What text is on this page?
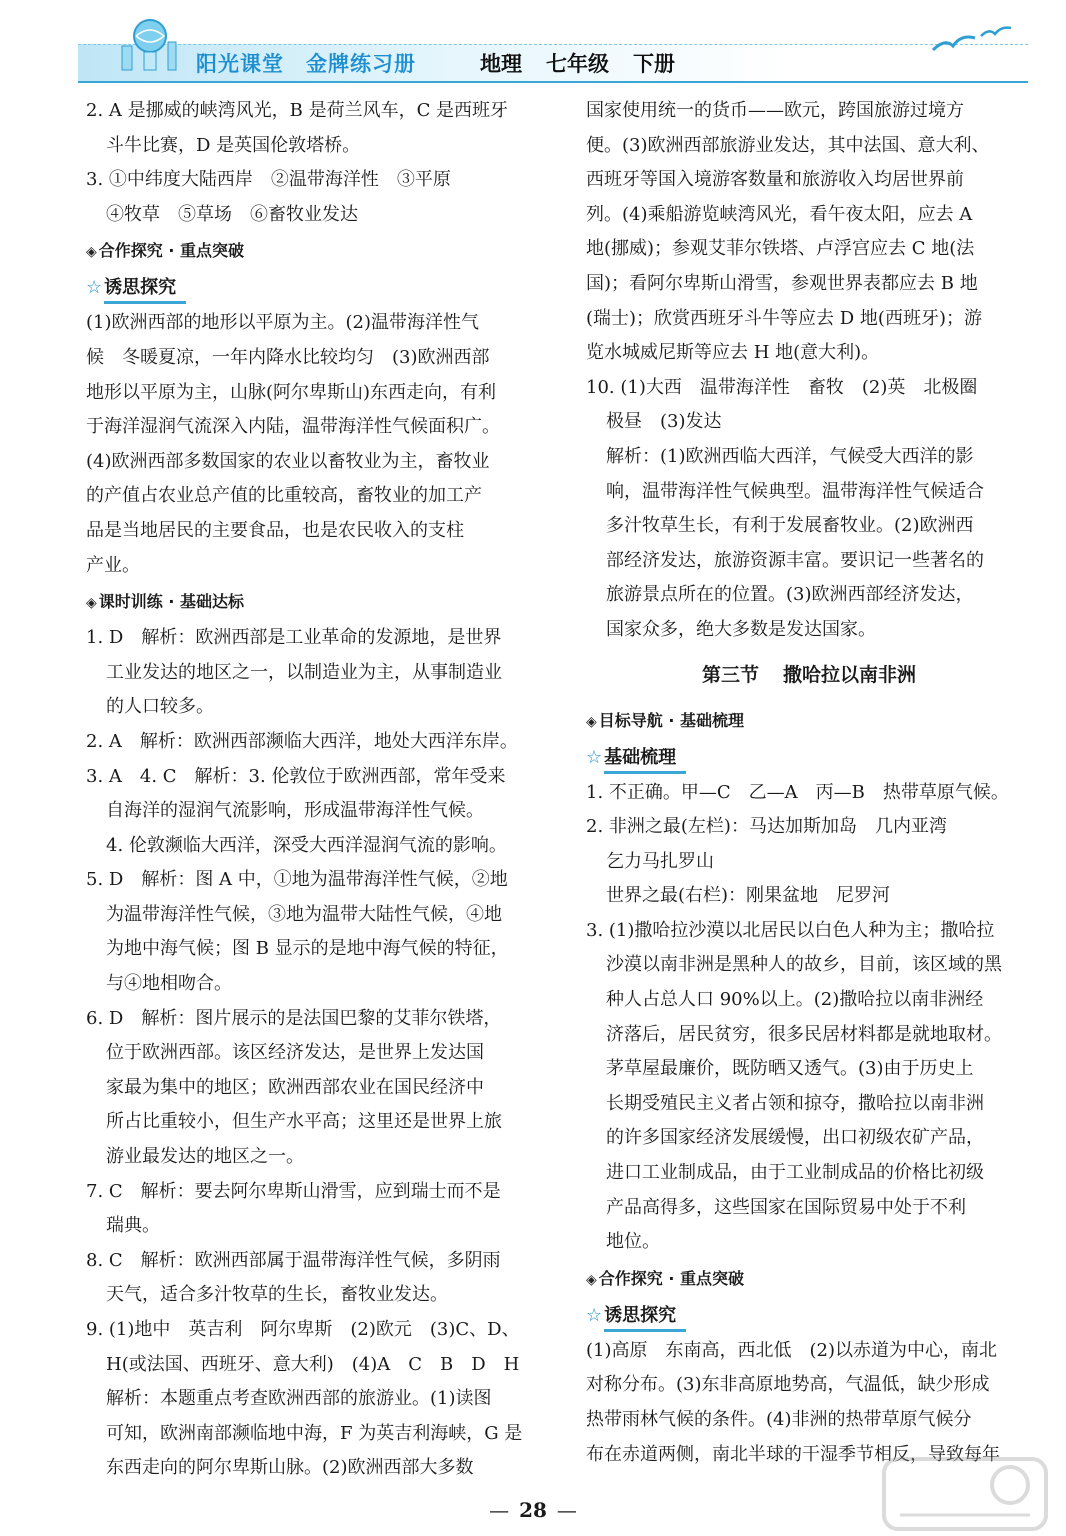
阳光课堂 金牌练习册	地理 七年级 下册

2. A 是挪威的峡湾风光，B 是荷兰风车，C 是西班牙

斗牛比赛，D 是英国伦敦塔桥。

3. ①中纬度大陆西岸　②温带海洋性　③平原

④牧草　⑤草场　⑥畜牧业发达

◈ 合作探究 · 重点突破
☆ 诱思探究

(1)欧洲西部的地形以平原为主。(2)温带海洋性气

候　冬暖夏凉，一年内降水比较均匀　(3)欧洲西部

地形以平原为主，山脉(阿尔卑斯山)东西走向，有利

于海洋湿润气流深入内陆，温带海洋性气候面积广。

(4)欧洲西部多数国家的农业以畜牧业为主，畜牧业

的产值占农业总产值的比重较高，畜牧业的加工产

品是当地居民的主要食品，也是农民收入的支柱

产业。

◈ 课时训练 · 基础达标

1. D　解析：欧洲西部是工业革命的发源地，是世界

工业发达的地区之一，以制造业为主，从事制造业

的人口较多。

2. A　解析：欧洲西部濒临大西洋，地处大西洋东岸。

3. A　4. C　解析：3. 伦敦位于欧洲西部，常年受来

自海洋的湿润气流影响，形成温带海洋性气候。

4. 伦敦濒临大西洋，深受大西洋湿润气流的影响。

5. D　解析：图 A 中，①地为温带海洋性气候，②地

为温带海洋性气候，③地为温带大陆性气候，④地

为地中海气候；图 B 显示的是地中海气候的特征，

与④地相吻合。

6. D　解析：图片展示的是法国巴黎的艾菲尔铁塔，

位于欧洲西部。该区经济发达，是世界上发达国

家最为集中的地区；欧洲西部农业在国民经济中

所占比重较小，但生产水平高；这里还是世界上旅

游业最发达的地区之一。

7. C　解析：要去阿尔卑斯山滑雪，应到瑞士而不是

瑞典。

8. C　解析：欧洲西部属于温带海洋性气候，多阴雨

天气，适合多汁牧草的生长，畜牧业发达。

9. (1)地中　英吉利　阿尔卑斯　(2)欧元　(3)C、D、

H(或法国、西班牙、意大利)　(4)A　C　B　D　H

解析：本题重点考查欧洲西部的旅游业。(1)读图

可知，欧洲南部濒临地中海，F 为英吉利海峡，G 是

东西走向的阿尔卑斯山脉。(2)欧洲西部大多数

国家使用统一的货币——欧元，跨国旅游过境方

便。(3)欧洲西部旅游业发达，其中法国、意大利、

西班牙等国入境游客数量和旅游收入均居世界前

列。(4)乘船游览峡湾风光，看午夜太阳，应去 A

地(挪威)；参观艾菲尔铁塔、卢浮宫应去 C 地(法

国)；看阿尔卑斯山滑雪，参观世界表都应去 B 地

(瑞士)；欣赏西班牙斗牛等应去 D 地(西班牙)；游

览水城威尼斯等应去 H 地(意大利)。

10. (1)大西　温带海洋性　畜牧　(2)英　北极圈

极昼　(3)发达

解析：(1)欧洲西临大西洋，气候受大西洋的影

响，温带海洋性气候典型。温带海洋性气候适合

多汁牧草生长，有利于发展畜牧业。(2)欧洲西

部经济发达，旅游资源丰富。要识记一些著名的

旅游景点所在的位置。(3)欧洲西部经济发达，

国家众多，绝大多数是发达国家。

第三节 撒哈拉以南非洲
◈ 目标导航 · 基础梳理
☆ 基础梳理

1. 不正确。甲—C　乙—A　丙—B　热带草原气候。

2. 非洲之最(左栏)：马达加斯加岛　几内亚湾

乞力马扎罗山

世界之最(右栏)：刚果盆地　尼罗河

3. (1)撒哈拉沙漠以北居民以白色人种为主；撒哈拉

沙漠以南非洲是黑种人的故乡，目前，该区域的黑

种人占总人口 90%以上。(2)撒哈拉以南非洲经

济落后，居民贫穷，很多民居材料都是就地取材。

茅草屋最廉价，既防晒又透气。(3)由于历史上

长期受殖民主义者占领和掠夺，撒哈拉以南非洲

的许多国家经济发展缓慢，出口初级农矿产品，

进口工业制成品，由于工业制成品的价格比初级

产品高得多，这些国家在国际贸易中处于不利

地位。

◈ 合作探究 · 重点突破
☆ 诱思探究

(1)高原　东南高，西北低　(2)以赤道为中心，南北

对称分布。(3)东非高原地势高，气温低，缺少形成

热带雨林气候的条件。(4)非洲的热带草原气候分

布在赤道两侧，南北半球的干湿季节相反，导致每年

— 28 —
